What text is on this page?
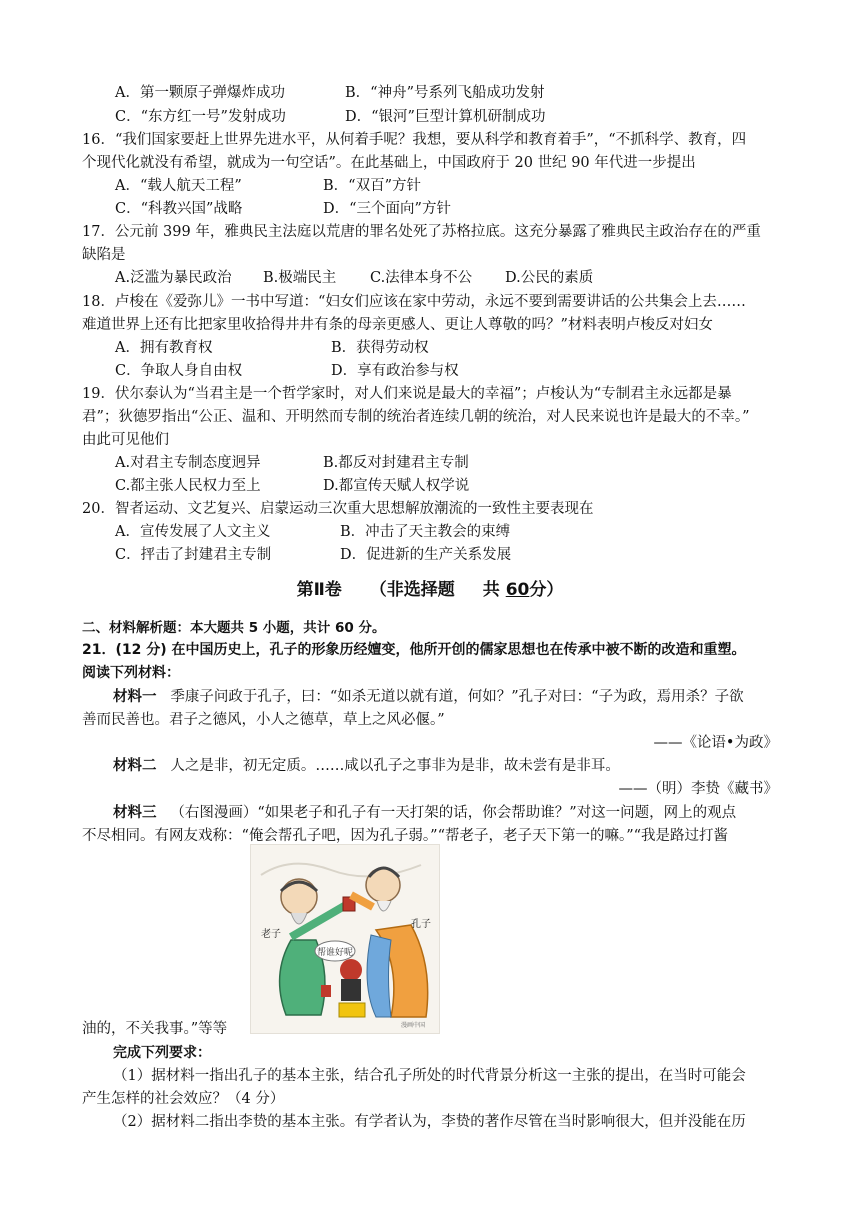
A．第一颗原子弹爆炸成功	B．“神舟”号系列飞船成功发射
C．“东方红一号”发射成功	D．“银河”巨型计算机研制成功
16．“我们国家要赶上世界先进水平，从何着手呢？我想，要从科学和教育着手”，“不抓科学、教育，四
个现代化就没有希望，就成为一句空话”。在此基础上，中国政府于 20 世纪 90 年代进一步提出
A．“载人航天工程”	B．“双百”方针
C．“科教兴国”战略	D．“三个面向”方针
17．公元前 399 年，雅典民主法庭以荒唐的罪名处死了苏格拉底。这充分暴露了雅典民主政治存在的严重
缺陷是
A.泛滥为暴民政治 B.极端民主 C.法律本身不公 D.公民的素质
18．卢梭在《爱弥儿》一书中写道：“妇女们应该在家中劳动，永远不要到需要讲话的公共集会上去……
难道世界上还有比把家里收拾得井井有条的母亲更感人、更让人尊敬的吗？”材料表明卢梭反对妇女
A．拥有教育权	B．获得劳动权
C．争取人身自由权	D．享有政治参与权
19．伏尔泰认为“当君主是一个哲学家时，对人们来说是最大的幸福”；卢梭认为“专制君主永远都是暴
君”；狄德罗指出“公正、温和、开明然而专制的统治者连续几朝的统治，对人民来说也许是最大的不幸。”
由此可见他们
A.对君主专制态度迥异	B.都反对封建君主专制
C.都主张人民权力至上	D.都宣传天赋人权学说
20．智者运动、文艺复兴、启蒙运动三次重大思想解放潮流的一致性主要表现在
A．宣传发展了人文主义	B．冲击了天主教会的束缚
C．抨击了封建君主专制	D．促进新的生产关系发展
第Ⅱ卷 （非选择题 共 60分）
二、材料解析题：本大题共 5 小题，共计 60 分。
21．(12 分) 在中国历史上，孔子的形象历经嬗变，他所开创的儒家思想也在传承中被不断的改造和重塑。
阅读下列材料：
材料一 季康子问政于孔子，曰：“如杀无道以就有道，何如？”孔子对曰：“子为政，焉用杀？子欲
善而民善也。君子之德风，小人之德草，草上之风必偃。”
——《论语•为政》
材料二 人之是非，初无定质。……咸以孔子之事非为是非，故未尝有是非耳。
——（明）李贽《藏书》
材料三 （右图漫画）“如果老子和孔子有一天打架的话，你会帮助谁？”对这一问题，网上的观点
不尽相同。有网友戏称：“俺会帮孔子吧，因为孔子弱。”“帮老子，老子天下第一的嘛。”“我是路过打酱
帮谁好呢
老子
孔子
漫画中国
油的，不关我事。”等等
完成下列要求：
（1）据材料一指出孔子的基本主张，结合孔子所处的时代背景分析这一主张的提出，在当时可能会
产生怎样的社会效应？（4 分）
（2）据材料二指出李贽的基本主张。有学者认为，李贽的著作尽管在当时影响很大，但并没能在历
